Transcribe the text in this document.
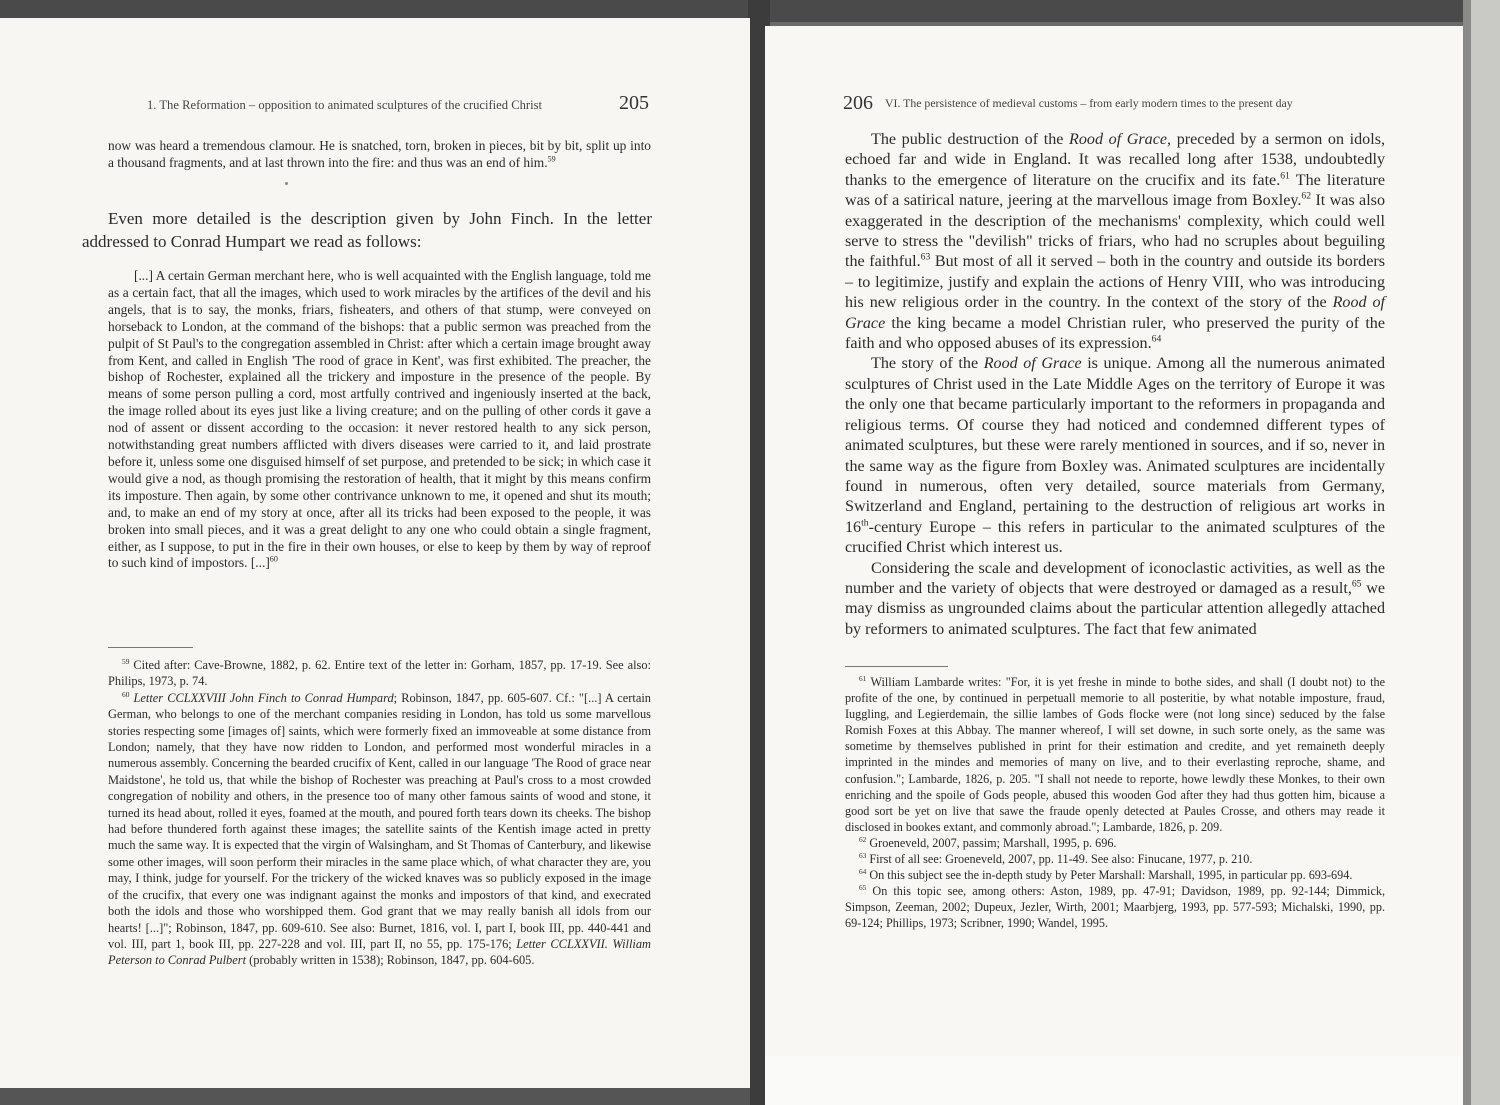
1. The Reformation – opposition to animated sculptures of the crucified Christ	205

now was heard a tremendous clamour. He is snatched, torn, broken in pieces, bit by bit, split up into a thousand fragments, and at last thrown into the fire: and thus was an end of him.$^{59}$

Even more detailed is the description given by John Finch. In the letter addressed to Conrad Humpart we read as follows:

[...] A certain German merchant here, who is well acquainted with the English language, told me as a certain fact, that all the images, which used to work miracles by the artifices of the devil and his angels, that is to say, the monks, friars, fisheaters, and others of that stump, were conveyed on horseback to London, at the command of the bishops: that a public sermon was preached from the pulpit of St Paul's to the congregation assembled in Christ: after which a certain image brought away from Kent, and called in English 'The rood of grace in Kent', was first exhibited. The preacher, the bishop of Rochester, explained all the trickery and imposture in the presence of the people. By means of some person pulling a cord, most artfully contrived and ingeniously inserted at the back, the image rolled about its eyes just like a living creature; and on the pulling of other cords it gave a nod of assent or dissent according to the occasion: it never restored health to any sick person, notwithstanding great numbers afflicted with divers diseases were carried to it, and laid prostrate before it, unless some one disguised himself of set purpose, and pretended to be sick; in which case it would give a nod, as though promising the restoration of health, that it might by this means confirm its imposture. Then again, by some other contrivance unknown to me, it opened and shut its mouth; and, to make an end of my story at once, after all its tricks had been exposed to the people, it was broken into small pieces, and it was a great delight to any one who could obtain a single fragment, either, as I suppose, to put in the fire in their own houses, or else to keep by them by way of reproof to such kind of impostors. [...]$^{60}$

$^{59}$ Cited after: Cave-Browne, 1882, p. 62. Entire text of the letter in: Gorham, 1857, pp. 17-19. See also: Philips, 1973, p. 74.

$^{60}$ Letter CCLXXVIII John Finch to Conrad Humpard; Robinson, 1847, pp. 605-607. Cf.: "[...] A certain German, who belongs to one of the merchant companies residing in London, has told us some marvellous stories respecting some [images of] saints, which were formerly fixed an immoveable at some distance from London; namely, that they have now ridden to London, and performed most wonderful miracles in a numerous assembly. Concerning the bearded crucifix of Kent, called in our language 'The Rood of grace near Maidstone', he told us, that while the bishop of Rochester was preaching at Paul's cross to a most crowded congregation of nobility and others, in the presence too of many other famous saints of wood and stone, it turned its head about, rolled it eyes, foamed at the mouth, and poured forth tears down its cheeks. The bishop had before thundered forth against these images; the satellite saints of the Kentish image acted in pretty much the same way. It is expected that the virgin of Walsingham, and St Thomas of Canterbury, and likewise some other images, will soon perform their miracles in the same place which, of what character they are, you may, I think, judge for yourself. For the trickery of the wicked knaves was so publicly exposed in the image of the crucifix, that every one was indignant against the monks and impostors of that kind, and execrated both the idols and those who worshipped them. God grant that we may really banish all idols from our hearts! [...]"; Robinson, 1847, pp. 609-610. See also: Burnet, 1816, vol. I, part I, book III, pp. 440-441 and vol. III, part 1, book III, pp. 227-228 and vol. III, part II, no 55, pp. 175-176; Letter CCLXXVII. William Peterson to Conrad Pulbert (probably written in 1538); Robinson, 1847, pp. 604-605.

206 VI. The persistence of medieval customs – from early modern times to the present day

The public destruction of the Rood of Grace, preceded by a sermon on idols, echoed far and wide in England. It was recalled long after 1538, undoubtedly thanks to the emergence of literature on the crucifix and its fate.$^{61}$ The literature was of a satirical nature, jeering at the marvellous image from Boxley.$^{62}$ It was also exaggerated in the description of the mechanisms' complexity, which could well serve to stress the "devilish" tricks of friars, who had no scruples about beguiling the faithful.$^{63}$ But most of all it served – both in the country and outside its borders – to legitimize, justify and explain the actions of Henry VIII, who was introducing his new religious order in the country. In the context of the story of the Rood of Grace the king became a model Christian ruler, who preserved the purity of the faith and who opposed abuses of its expression.$^{64}$

The story of the Rood of Grace is unique. Among all the numerous animated sculptures of Christ used in the Late Middle Ages on the territory of Europe it was the only one that became particularly important to the reformers in propaganda and religious terms. Of course they had noticed and condemned different types of animated sculptures, but these were rarely mentioned in sources, and if so, never in the same way as the figure from Boxley was. Animated sculptures are incidentally found in numerous, often very detailed, source materials from Germany, Switzerland and England, pertaining to the destruction of religious art works in 16th-century Europe – this refers in particular to the animated sculptures of the crucified Christ which interest us.

Considering the scale and development of iconoclastic activities, as well as the number and the variety of objects that were destroyed or damaged as a result,$^{65}$ we may dismiss as ungrounded claims about the particular attention allegedly attached by reformers to animated sculptures. The fact that few animated

$^{61}$ William Lambarde writes: "For, it is yet freshe in minde to bothe sides, and shall (I doubt not) to the profite of the one, by continued in perpetuall memorie to all posteritie, by what notable imposture, fraud, Iuggling, and Legierdemain, the sillie lambes of Gods flocke were (not long since) seduced by the false Romish Foxes at this Abbay. The manner whereof, I will set downe, in such sorte onely, as the same was sometime by themselves published in print for their estimation and credite, and yet remaineth deeply imprinted in the mindes and memories of many on live, and to their everlasting reproche, shame, and confusion."; Lambarde, 1826, p. 205. "I shall not neede to reporte, howe lewdly these Monkes, to their own enriching and the spoile of Gods people, abused this wooden God after they had thus gotten him, bicause a good sort be yet on live that sawe the fraude openly detected at Paules Crosse, and others may reade it disclosed in bookes extant, and commonly abroad."; Lambarde, 1826, p. 209.

$^{62}$ Groeneveld, 2007, passim; Marshall, 1995, p. 696.

$^{63}$ First of all see: Groeneveld, 2007, pp. 11-49. See also: Finucane, 1977, p. 210.

$^{64}$ On this subject see the in-depth study by Peter Marshall: Marshall, 1995, in particular pp. 693-694.

$^{65}$ On this topic see, among others: Aston, 1989, pp. 47-91; Davidson, 1989, pp. 92-144; Dimmick, Simpson, Zeeman, 2002; Dupeux, Jezler, Wirth, 2001; Maarbjerg, 1993, pp. 577-593; Michalski, 1990, pp. 69-124; Phillips, 1973; Scribner, 1990; Wandel, 1995.
